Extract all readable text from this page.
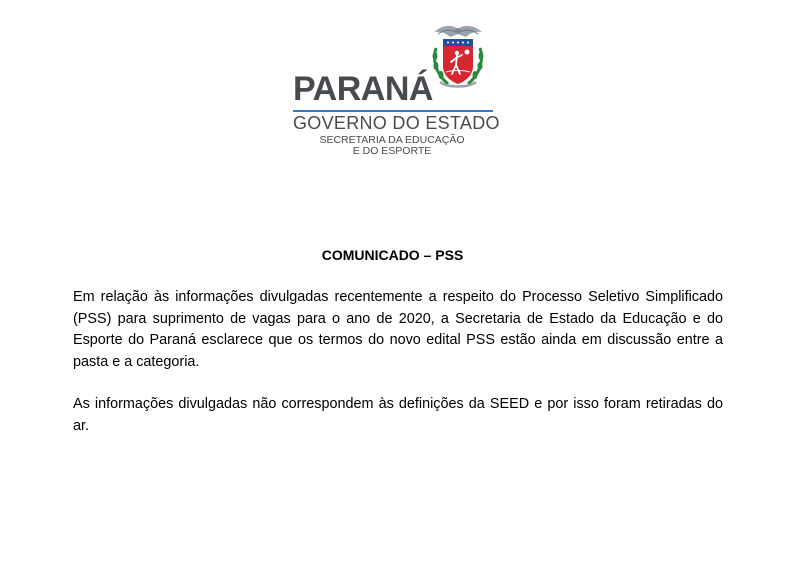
PARANÁ
GOVERNO DO ESTADO
SECRETARIA DA EDUCAÇÃO
E DO ESPORTE
COMUNICADO – PSS

Em relação às informações divulgadas recentemente a respeito do Processo Seletivo Simplificado (PSS) para suprimento de vagas para o ano de 2020, a Secretaria de Estado da Educação e do Esporte do Paraná esclarece que os termos do novo edital PSS estão ainda em discussão entre a pasta e a categoria.

As informações divulgadas não correspondem às definições da SEED e por isso foram retiradas do ar.
